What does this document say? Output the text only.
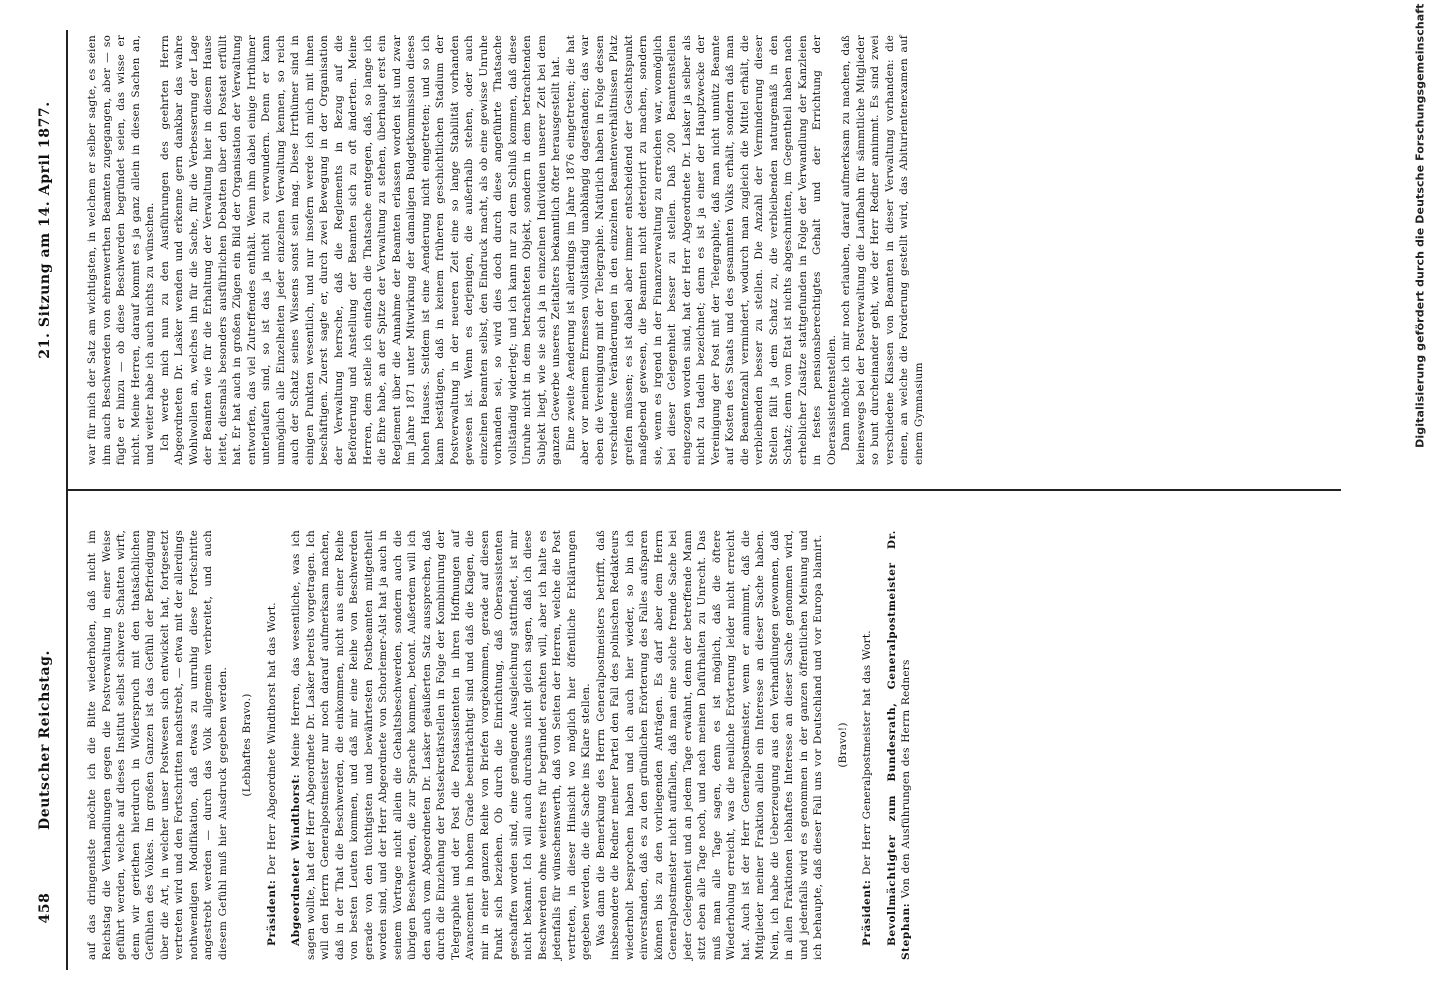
458
Deutscher Reichstag.
21. Sitzung am 14. April 1877.

auf das dringendste möchte ich die Bitte wiederholen, daß nicht im Reichstag die Verhandlungen gegen die Postverwaltung in einer Weise geführt werden, welche auf dieses Institut selbst schwere Schatten wirft, denn wir geriethen hierdurch in Widerspruch mit den thatsächlichen Gefühlen des Volkes. Im großen Ganzen ist das Gefühl der Befriedigung über die Art, in welcher unser Postwesen sich entwickelt hat, fortgesetzt vertreten wird und den Fortschritten nachstrebt, — etwa mit der allerdings nothwendigen Modifikation, daß etwas zu unruhig diese Fortschritte angestrebt werden — durch das Volk allgemein verbreitet, und auch diesem Gefühl muß hier Ausdruck gegeben werden. (Lebhaftes Bravo.)

Präsident: Der Herr Abgeordnete Windthorst hat das Wort. Abgeordneter Windthorst: Meine Herren, das wesentliche, was ich sagen wollte, hat der Herr Abgeordnete Dr. Lasker bereits vorgetragen. Ich will den Herrn Generalpostmeister nur noch darauf aufmerksam machen, daß in der That die Beschwerden, die einkommen, nicht aus einer Reihe von besten Leuten kommen, und daß mir eine Reihe von Beschwerden gerade von den tüchtigsten und bewährtesten Postbeamten mitgetheilt worden sind, und der Herr Abgeordnete von Schorlemer-Alst hat ja auch in seinem Vortrage nicht allein die Gehaltsbeschwerden, sondern auch die übrigen Beschwerden, die zur Sprache kommen, betont. Außerdem will ich den auch vom Abgeordneten Dr. Lasker geäußerten Satz aussprechen, daß durch die Einziehung der Postsekretärstellen in Folge der Kombinirung der Telegraphie und der Post die Postassistenten in ihren Hoffnungen auf Avancement in hohem Grade beeinträchtigt sind und daß die Klagen, die mir in einer ganzen Reihe von Briefen vorgekommen, gerade auf diesen Punkt sich beziehen. Ob durch die Einrichtung, daß Oberassistenten geschaffen worden sind, eine genügende Ausgleichung stattfindet, ist mir nicht bekannt. Ich will auch durchaus nicht gleich sagen, daß ich diese Beschwerden ohne weiteres für begründet erachten will, aber ich halte es jedenfalls für wünschenswerth, daß von Seiten der Herren, welche die Post vertreten, in dieser Hinsicht wo möglich hier öffentliche Erklärungen gegeben werden, die die Sache ins Klare stellen. Was dann die Bemerkung des Herrn Generalpostmeisters betrifft, daß insbesondere die Redner meiner Partei den Fall des polnischen Redakteurs wiederholt besprochen haben und ich auch hier wieder, so bin ich einverstanden, daß es zu den gründlichen Erörterung des Falles aufsparen können bis zu den vorliegenden Anträgen. Es darf aber dem Herrn Generalpostmeister nicht auffallen, daß man eine solche fremde Sache bei jeder Gelegenheit und an jedem Tage erwähnt, denn der betreffende Mann sitzt eben alle Tage noch, und nach meinen Dafürhalten zu Unrecht. Das muß man alle Tage sagen, denn es ist möglich, daß die öftere Wiederholung erreicht, was die neuliche Erörterung leider nicht erreicht hat. Auch ist der Herr Generalpostmeister, wenn er annimmt, daß die Mitglieder meiner Fraktion allein ein Interesse an dieser Sache haben. Nein, ich habe die Ueberzeugung aus den Verhandlungen gewonnen, daß in allen Fraktionen lebhaftes Interesse an dieser Sache genommen wird, und jedenfalls wird es genommen in der ganzen öffentlichen Meinung und ich behaupte, daß dieser Fall uns vor Deutschland und vor Europa blamirt. (Bravo!)

Präsident: Der Herr Generalpostmeister hat das Wort. Bevollmächtigter zum Bundesrath, Generalpostmeister Dr. Stephan: Von den Ausführungen des Herrn Redners

war für mich der Satz am wichtigsten, in welchem er selber sagte, es seien ihm auch Beschwerden von ehrenwerthen Beamten zugegangen, aber — so fügte er hinzu — ob diese Beschwerden begründet seien, das wisse er nicht. Meine Herren, darauf kommt es ja ganz allein in diesen Sachen an, und weiter habe ich auch nichts zu wünschen. Ich werde mich nun zu den Ausführungen des geehrten Herrn Abgeordneten Dr. Lasker wenden und erkenne gern dankbar das wahre Wohlwollen an, welches ihn für die Sache, für die Verbesserung der Lage der Beamten wie für die Erhaltung der Verwaltung hier in diesem Hause leitet, diesmals besonders ausführlichen Debatten über den Posteat erfüllt hat. Er hat auch in großen Zügen ein Bild der Organisation der Verwaltung entworfen, das viel Zutreffendes enthält. Wenn ihm dabei einige Irrthümer unterlaufen sind, so ist das ja nicht zu verwundern. Denn er kann unmöglich alle Einzelheiten jeder einzelnen Verwaltung kennen, so reich auch der Schatz seines Wissens sonst sein mag. Diese Irrthümer sind in einigen Punkten wesentlich, und nur insofern werde ich mich mit ihnen beschäftigen. Zuerst sagte er, durch zwei Bewegung in der Organisation der Verwaltung herrsche, daß die Reglements in Bezug auf die Beförderung und Anstellung der Beamten sich zu oft änderten. Meine Herren, dem stelle ich einfach die Thatsache entgegen, daß, so lange ich die Ehre habe, an der Spitze der Verwaltung zu stehen, überhaupt erst ein Reglement über die Annahme der Beamten erlassen worden ist und zwar im Jahre 1871 unter Mitwirkung der damaligen Budgetkommission dieses hohen Hauses. Seitdem ist eine Aenderung nicht eingetreten; und so ich kann bestätigen, daß in keinem früheren geschichtlichen Stadium der Postverwaltung in der neueren Zeit eine so lange Stabilität vorhanden gewesen ist. Wenn es derjenigen, die außerhalb stehen, oder auch einzelnen Beamten selbst, den Eindruck macht, als ob eine gewisse Unruhe vorhanden sei, so wird dies doch durch diese angeführte Thatsache vollständig widerlegt; und ich kann nur zu dem Schluß kommen, daß diese Unruhe nicht in dem betrachteten Objekt, sondern in dem betrachtenden Subjekt liegt, wie sie sich ja in einzelnen Individuen unserer Zeit bei dem ganzen Gewerbe unseres Zeitalters bekanntlich öfter herausgestellt hat. Eine zweite Aenderung ist allerdings im Jahre 1876 eingetreten; die hat aber vor meinem Ermessen vollständig unabhängig dagestanden; das war eben die Vereinigung mit der Telegraphie. Natürlich haben in Folge dessen verschiedene Veränderungen in den einzelnen Beamtenverhältnissen Platz greifen müssen; es ist dabei aber immer entscheidend der Gesichtspunkt maßgebend gewesen, die Beamten nicht deteriorirt zu machen, sondern sie, wenn es irgend in der Finanzverwaltung zu erreichen war, womöglich bei dieser Gelegenheit besser zu stellen. Daß 200 Beamtenstellen eingezogen worden sind, hat der Herr Abgeordnete Dr. Lasker ja selber als nicht zu tadeln bezeichnet; denn es ist ja einer der Hauptzwecke der Vereinigung der Post mit der Telegraphie, daß man nicht unnütz Beamte auf Kosten des Staats und des gesammten Volks erhält, sondern daß man die Beamtenzahl vermindert, wodurch man zugleich die Mittel erhält, die verbleibenden besser zu stellen. Die Anzahl der Verminderung dieser Stellen fällt ja dem Schatz zu, die verbleibenden naturgemäß in den Schatz; denn vom Etat ist nichts abgeschnitten, im Gegentheil haben nach erheblicher Zusätze stattgefunden in Folge der Verwandlung der Kanzleien in festes pensionsberechtigtes Gehalt und der Errichtung der Oberassistentenstellen. Dann möchte ich mir noch erlauben, darauf aufmerksam zu machen, daß keineswegs bei der Postverwaltung die Laufbahn für sämmtliche Mitglieder so bunt durcheinander geht, wie der Herr Redner annimmt. Es sind zwei verschiedene Klassen von Beamten in dieser Verwaltung vorhanden: die einen, an welche die Forderung gestellt wird, das Abiturientenexamen auf einem Gymnasium	Digitalisierung gefördert durch die Deutsche Forschungsgemeinschaft
